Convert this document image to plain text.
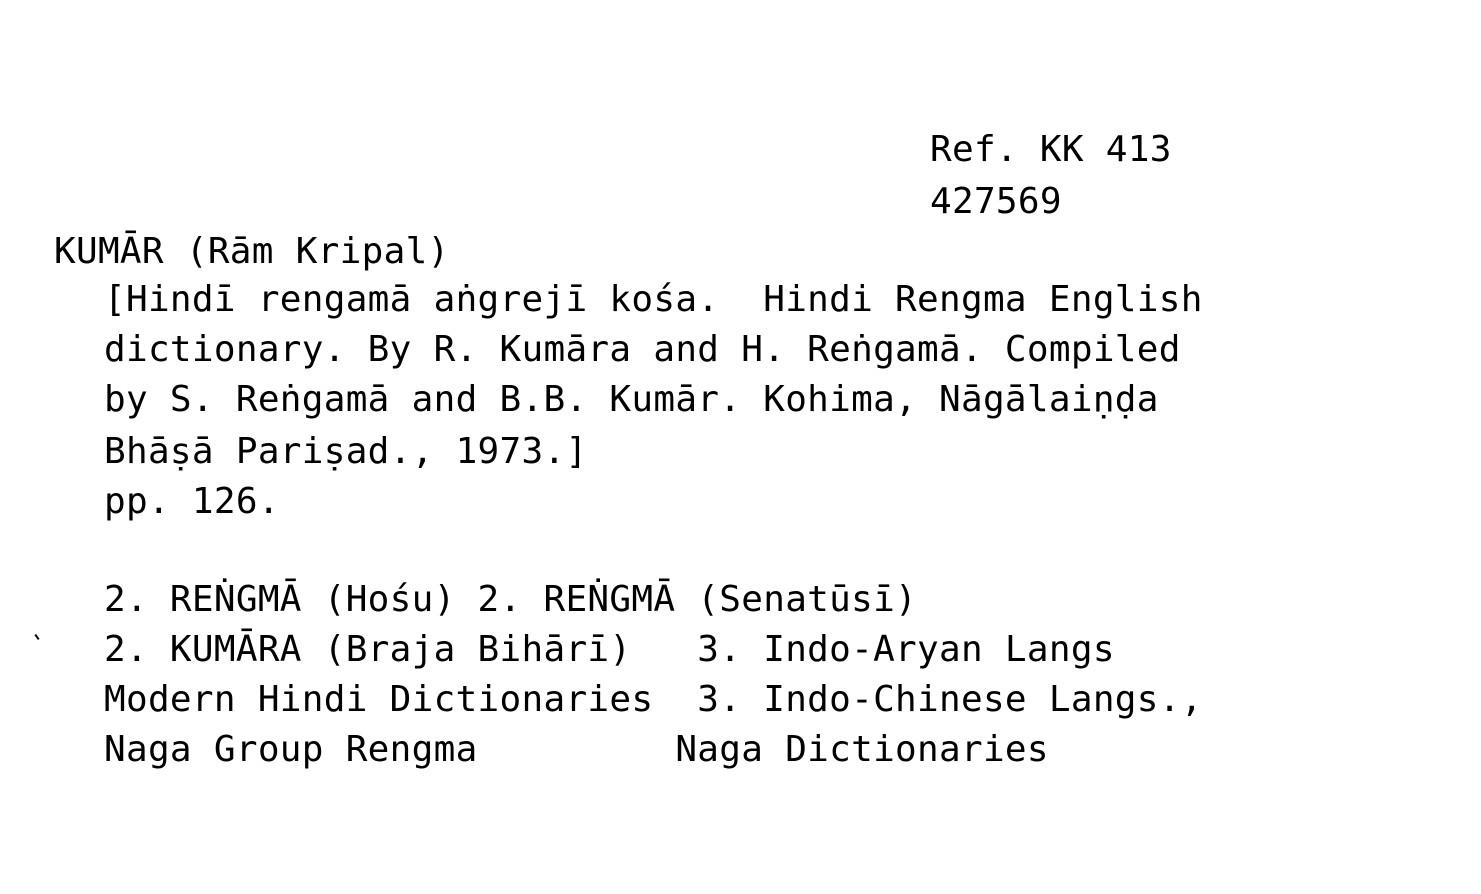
Ref. KK 413
427569
KUMĀR (Rām Kripal)
[Hindī rengamā aṅgrejī kośa.  Hindi Rengma English
dictionary. By R. Kumāra and H. Reṅgamā. Compiled
by S. Reṅgamā and B.B. Kumār. Kohima, Nāgālaiṇḍa
Bhāṣā Pariṣad., 1973.]
pp. 126.
2. REṄGMĀ (Hośu) 2. REṄGMĀ (Senatūsī)
2. KUMĀRA (Braja Bihārī)   3. Indo-Aryan Langs
Modern Hindi Dictionaries  3. Indo-Chinese Langs.,
Naga Group Rengma         Naga Dictionaries
